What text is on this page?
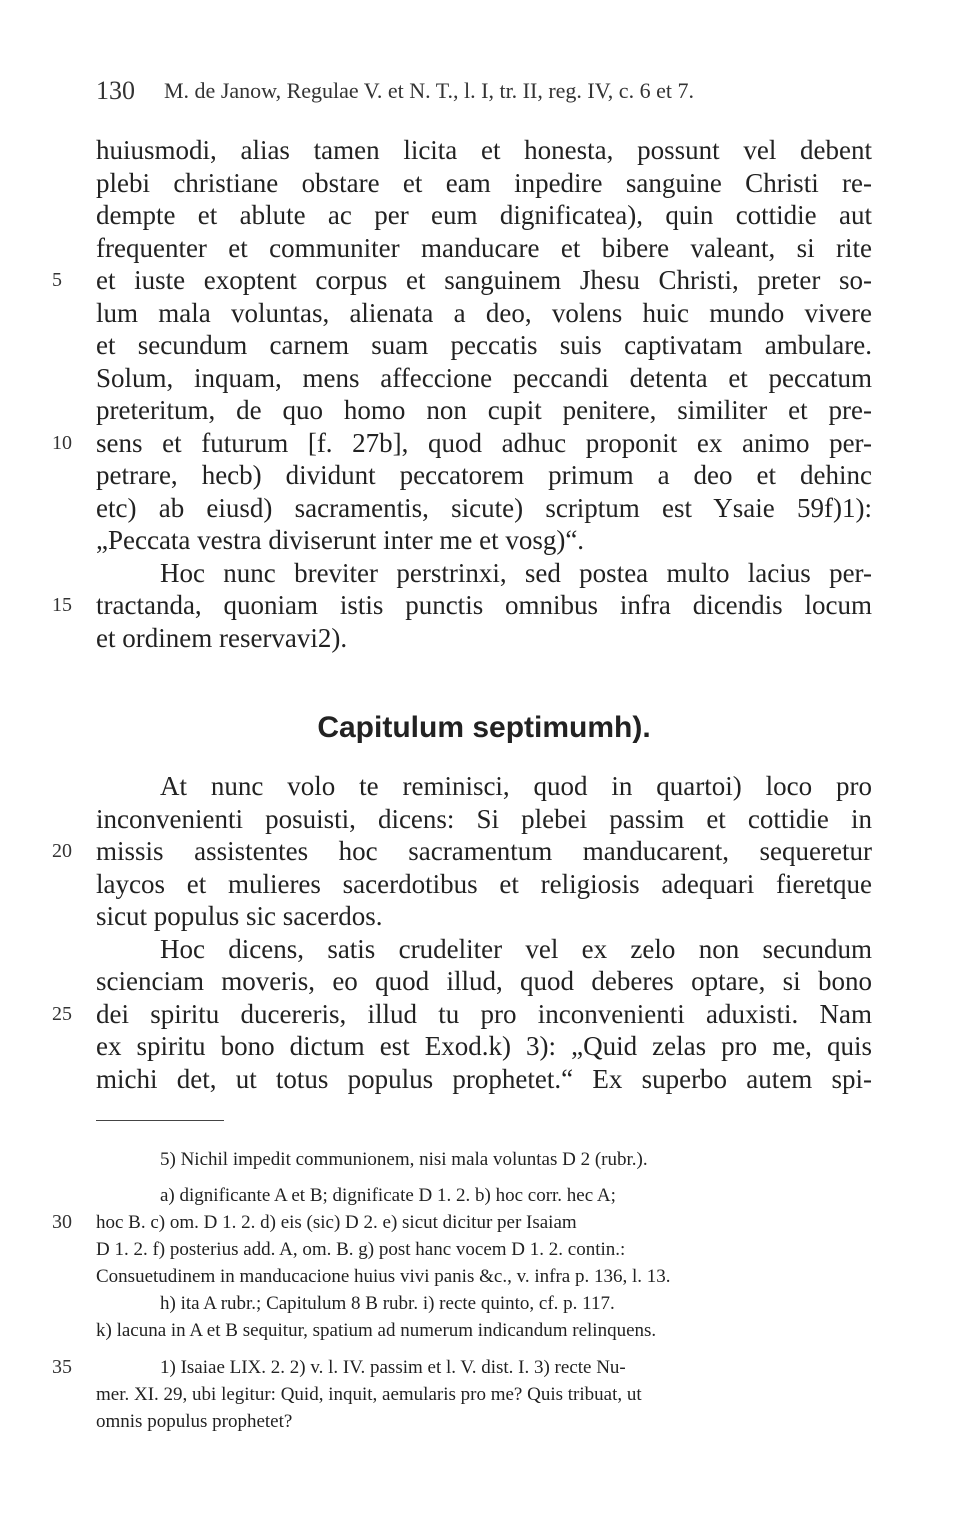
130 M. de Janow, Regulae V. et N. T., l. I, tr. II, reg. IV, c. 6 et 7.
huiusmodi, alias tamen licita et honesta, possunt vel debent
plebi christiane obstare et eam inpedire sanguine Christi re-
dempte et ablute ac per eum dignificatea), quin cottidie aut
frequenter et communiter manducare et bibere valeant, si rite
5	et iuste exoptent corpus et sanguinem Jhesu Christi, preter so-
lum mala voluntas, alienata a deo, volens huic mundo vivere
et secundum carnem suam peccatis suis captivatam ambulare.
Solum, inquam, mens affeccione peccandi detenta et peccatum
preteritum, de quo homo non cupit penitere, similiter et pre-
10 sens et futurum [f. 27b], quod adhuc proponit ex animo per-
petrare, hecb) dividunt peccatorem primum a deo et dehinc
etc) ab eiusd) sacramentis, sicute) scriptum est Ysaie 59f)1):
„Peccata vestra diviserunt inter me et vosg)“.
Hoc nunc breviter perstrinxi, sed postea multo lacius per-
15 tractanda, quoniam istis punctis omnibus infra dicendis locum
et ordinem reservavi2).
Capitulum septimumh).
At nunc volo te reminisci, quod in quartoi) loco pro
inconvenienti posuisti, dicens: Si plebei passim et cottidie in
20 missis assistentes hoc sacramentum manducarent, sequeretur
laycos et mulieres sacerdotibus et religiosis adequari fieretque
sicut populus sic sacerdos.
Hoc dicens, satis crudeliter vel ex zelo non secundum
scienciam moveris, eo quod illud, quod deberes optare, si bono
25 dei spiritu ducereris, illud tu pro inconvenienti aduxisti. Nam
ex spiritu bono dictum est Exod.k) 3): „Quid zelas pro me, quis
michi det, ut totus populus prophetet.“ Ex superbo autem spi-
5) Nichil impedit communionem, nisi mala voluntas D 2 (rubr.).
a) dignificante A et B; dignificate D 1. 2. b) hoc corr. hec A;
30	hoc B. c) om. D 1. 2. d) eis (sic) D 2. e) sicut dicitur per Isaiam
D 1. 2. f) posterius add. A, om. B. g) post hanc vocem D 1. 2. contin.:
Consuetudinem in manducacione huius vivi panis &c., v. infra p. 136, l. 13.
h) ita A rubr.; Capitulum 8 B rubr. i) recte quinto, cf. p. 117.
k) lacuna in A et B sequitur, spatium ad numerum indicandum relinquens.
35	1) Isaiae LIX. 2. 2) v. l. IV. passim et l. V. dist. I. 3) recte Nu-
mer. XI. 29, ubi legitur: Quid, inquit, aemularis pro me? Quis tribuat, ut
omnis populus prophetet?
